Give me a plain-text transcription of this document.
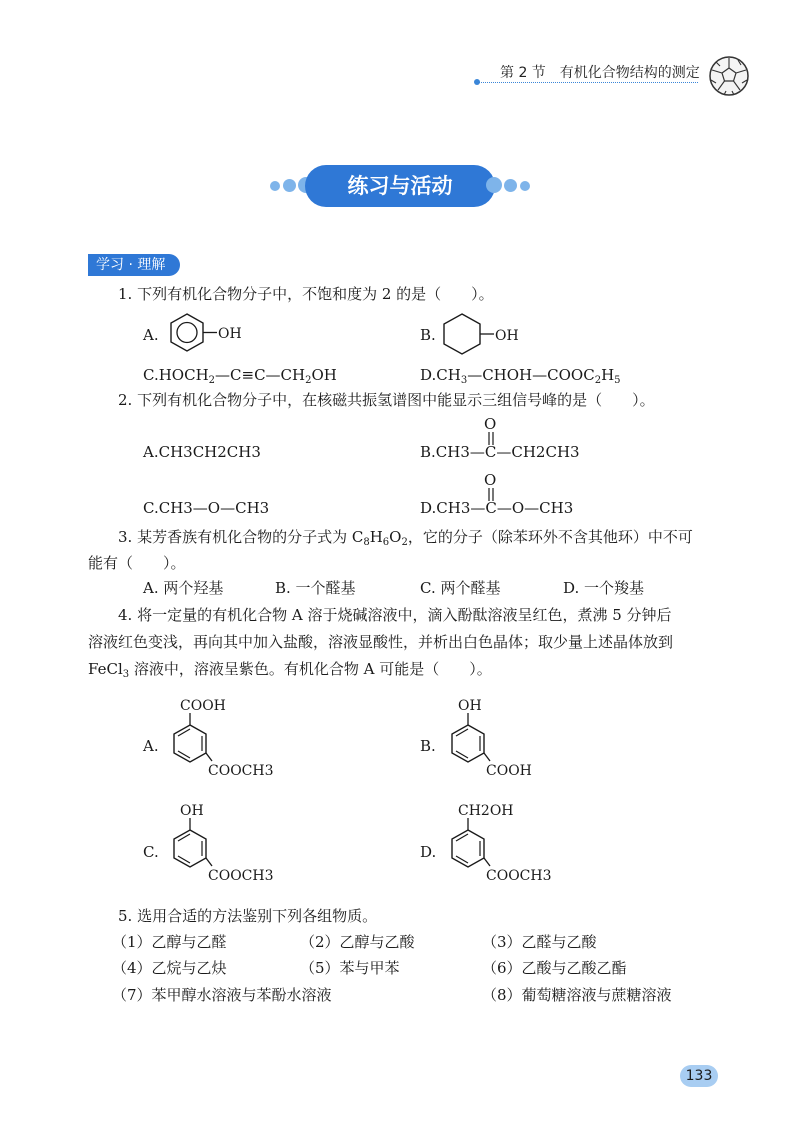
第 2 节　有机化合物结构的测定
练习与活动
学习 · 理解
1. 下列有机化合物分子中，不饱和度为 2 的是（　　）。
A.	OH	B.	OH
$C.HOCH_2—C\equiv C—CH_2OH$	$D.CH_3—CHOH—COOC_2H_5$
2. 下列有机化合物分子中，在核磁共振氢谱图中能显示三组信号峰的是（　　）。
A.CH3CH2CH3
O
B.CH3—C—CH2CH3
C.CH3—O—CH3
O
D.CH3—C—O—CH3
3. 某芳香族有机化合物的分子式为 $C_8H_6O_2$，它的分子（除苯环外不含其他环）中不可
能有（　　）。
A. 两个羟基	B. 一个醛基	C. 两个醛基	D. 一个羧基
4. 将一定量的有机化合物 A 溶于烧碱溶液中，滴入酚酞溶液呈红色，煮沸 5 分钟后
溶液红色变浅，再向其中加入盐酸，溶液显酸性，并析出白色晶体；取少量上述晶体放到
FeCl$_3$ 溶液中，溶液呈紫色。有机化合物 A 可能是（　　）。
A.
COOH
COOCH3
B.
OH
COOH
C.
OH
COOCH3
D.
CH2OH
COOCH3
5. 选用合适的方法鉴别下列各组物质。
（1）乙醇与乙醛	（2）乙醇与乙酸	（3）乙醛与乙酸
（4）乙烷与乙炔	（5）苯与甲苯	（6）乙酸与乙酸乙酯
（7）苯甲醇水溶液与苯酚水溶液	（8）葡萄糖溶液与蔗糖溶液
133
